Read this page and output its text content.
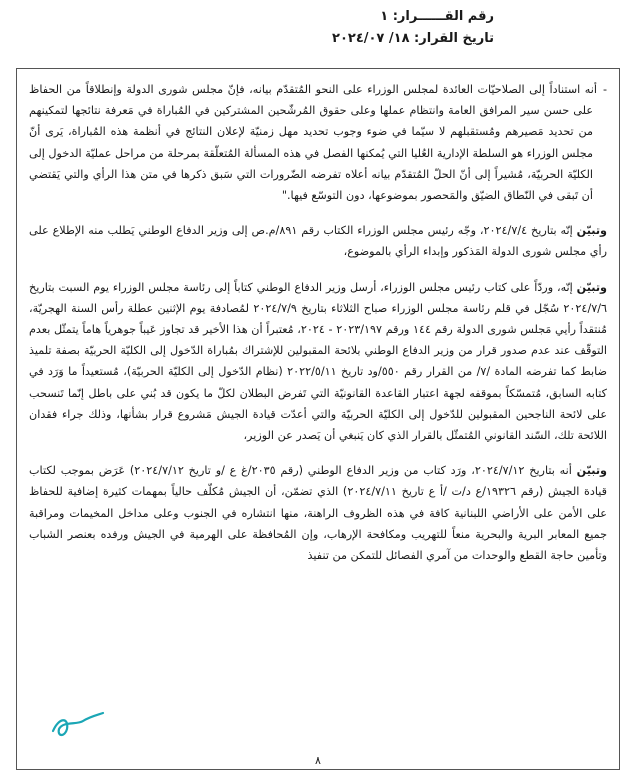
رقم القــــــرار: ١
تاريخ القرار: ١٨/ ٢٠٢٤/٠٧

-أنه استناداً إلى الصلاحيّات العائدة لمجلس الوزراء على النحو المُتقدّم بيانه، فإنّ مجلس شورى الدولة وإنطلاقاً من الحفاظ على حسن سير المرافق العامة وانتظام عملها وعلى حقوق المُرشّحين المشتركين في المُباراة في مَعرفة نتائجها لتمكينهم من تحديد مَصيرهم ومُستقبلهم لا سيّما في ضوء وجوب تحديد مهل زمنيّة لإعلان النتائج في أنظمة هذه المُباراة، يَرى أنّ مجلس الوزراء هو السلطة الإدارية العُليا التي يُمكنها الفصل في هذه المسألة المُتعلّقة بمرحلة من مراحل عمليّة الدخول إلى الكليّة الحربيّة، مُشيراً إلى أنّ الحلّ المُتقدّم بيانه أعلاه تفرضه الضّرورات التي سَبق ذكرها في متن هذا الرأي والتي يَقتضي أن تَبقى في النّطاق الضيّق والمَحصور بموضوعها، دون التوسّع فيها."

وتبيّن إنّه بتاريخ ٢٠٢٤/٧/٤، وجّه رئيس مجلس الوزراء الكتاب رقم ٨٩١/م.ص إلى وزير الدفاع الوطني يَطلب منه الإطلاع على رأي مجلس شورى الدولة المَذكور وإبداء الرأي بالموضوع،

وتبيّن إنّه، وردّاً على كتاب رئيس مجلس الوزراء، أرسل وزير الدفاع الوطني كتاباً إلى رئاسة مجلس الوزراء يوم السبت بتاريخ ٢٠٢٤/٧/٦ سُجّل في قلم رئاسة مجلس الوزراء صباح الثلاثاء بتاريخ ٢٠٢٤/٧/٩ لمُصادفة يوم الإثنين عطلة رأس السنة الهجريّة، مُنتقداً رأيي مَجلس شورى الدولة رقم ١٤٤ ورقم ٢٠٢٣/١٩٧ - ٢٠٢٤، مُعتبراً أن هذا الأخير قد تجاوز عَيباً جوهرياً هاماً يتمثّل بعدم التوقّف عند عدم صدور قرار من وزير الدفاع الوطني بلائحة المقبولين للإشتراك بمُباراة الدّخول إلى الكليّة الحربيّة بصفة تلميذ ضابط كما تفرضه المادة /٧/ من القرار رقم ٥٥٠/ود تاريخ ٢٠٢٢/٥/١١ (نظام الدّخول إلى الكليّة الحربيّة)، مُستعيداً ما وَرَد في كتابه السابق، مُتمسّكاً بموقفه لجهة اعتبار القاعدة القانونيّة التي تَفرض البطلان لكلّ ما يكون قد بُني على باطل إنّما تَنسحب على لائحة الناجحين المقبولين للدّخول إلى الكليّة الحربيّة والتي أعدّت قيادة الجيش مَشروع قرار بشأنها، وذلك جراء فقدان اللائحة تلك، السّند القانوني المُتمثّل بالقرار الذي كان يَنبغي أن يَصدر عن الوزير،

وتبيّن أنه بتاريخ ٢٠٢٤/٧/١٢، ورَد كتاب من وزير الدفاع الوطني (رقم ٢٠٣٥/غ ع /و تاريخ ٢٠٢٤/٧/١٢) عَرَض بموجب لكتاب قيادة الجيش (رقم ١٩٣٢٦/ع د/ت /أ ع تاريخ ٢٠٢٤/٧/١١) الذي تضمّن، أن الجيش مُكلّف حالياً بمهمات كثيرة إضافية للحفاظ على الأمن على الأراضي اللبنانية كافة في هذه الظروف الراهنة، منها انتشاره في الجنوب وعلى مداخل المخيمات ومراقبة جميع المعابر البرية والبحرية منعاً للتهريب ومكافحة الإرهاب، وإن المُحافظة على الهرمية في الجيش ورفده بعنصر الشباب وتأمين حاجة القطع والوحدات من آمري الفصائل للتمكن من تنفيذ

٨
